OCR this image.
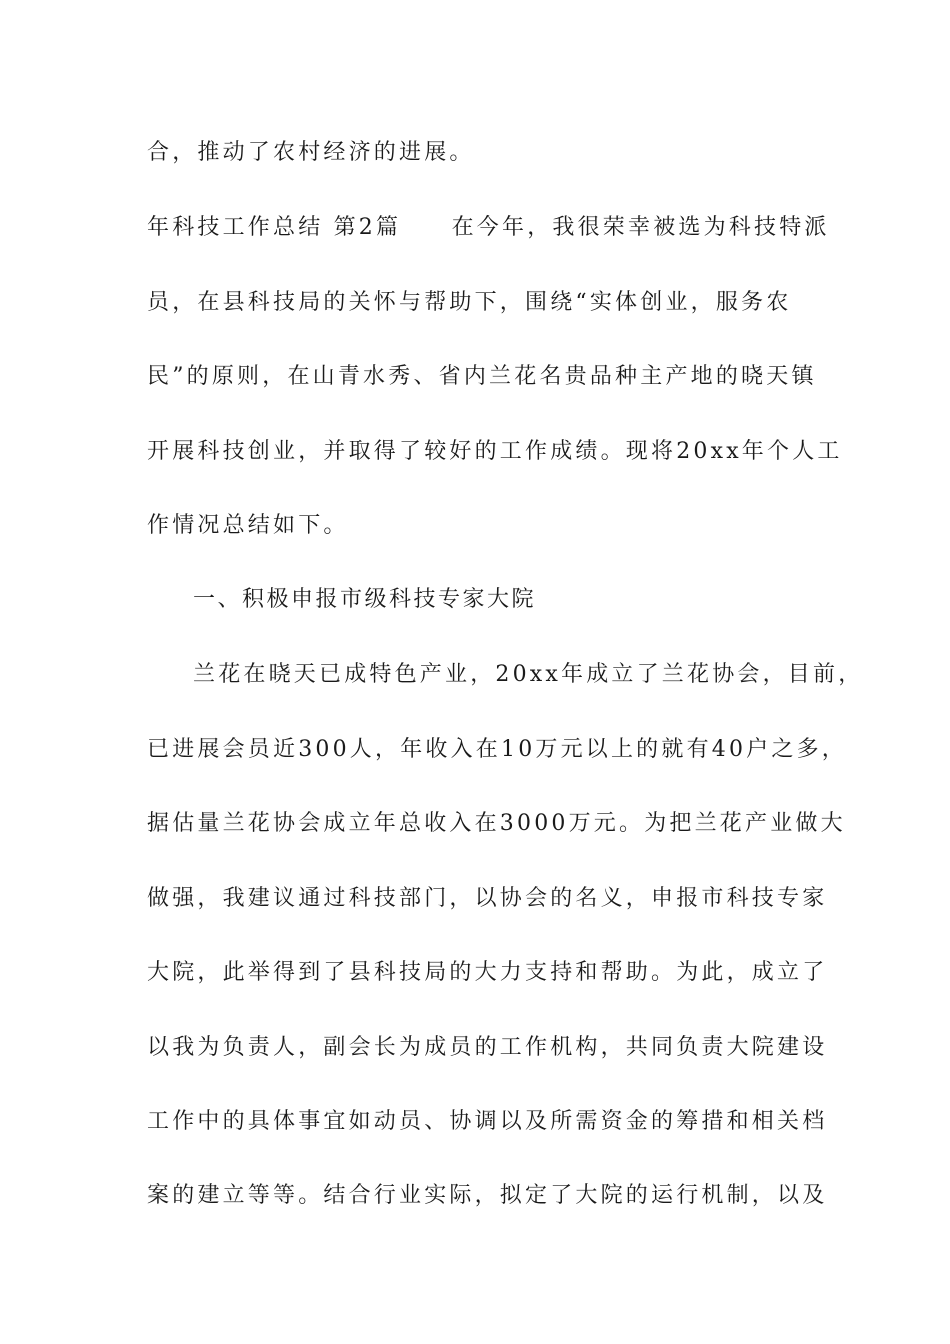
合，推动了农村经济的进展。
年科技工作总结 第2篇　　在今年，我很荣幸被选为科技特派
员，在县科技局的关怀与帮助下，围绕“实体创业，服务农
民”的原则，在山青水秀、省内兰花名贵品种主产地的晓天镇
开展科技创业，并取得了较好的工作成绩。现将20xx年个人工
作情况总结如下。
一、积极申报市级科技专家大院
兰花在晓天已成特色产业，20xx年成立了兰花协会，目前，
已进展会员近300人，年收入在10万元以上的就有40户之多，
据估量兰花协会成立年总收入在3000万元。为把兰花产业做大
做强，我建议通过科技部门，以协会的名义，申报市科技专家
大院，此举得到了县科技局的大力支持和帮助。为此，成立了
以我为负责人，副会长为成员的工作机构，共同负责大院建设
工作中的具体事宜如动员、协调以及所需资金的筹措和相关档
案的建立等等。结合行业实际，拟定了大院的运行机制，以及
